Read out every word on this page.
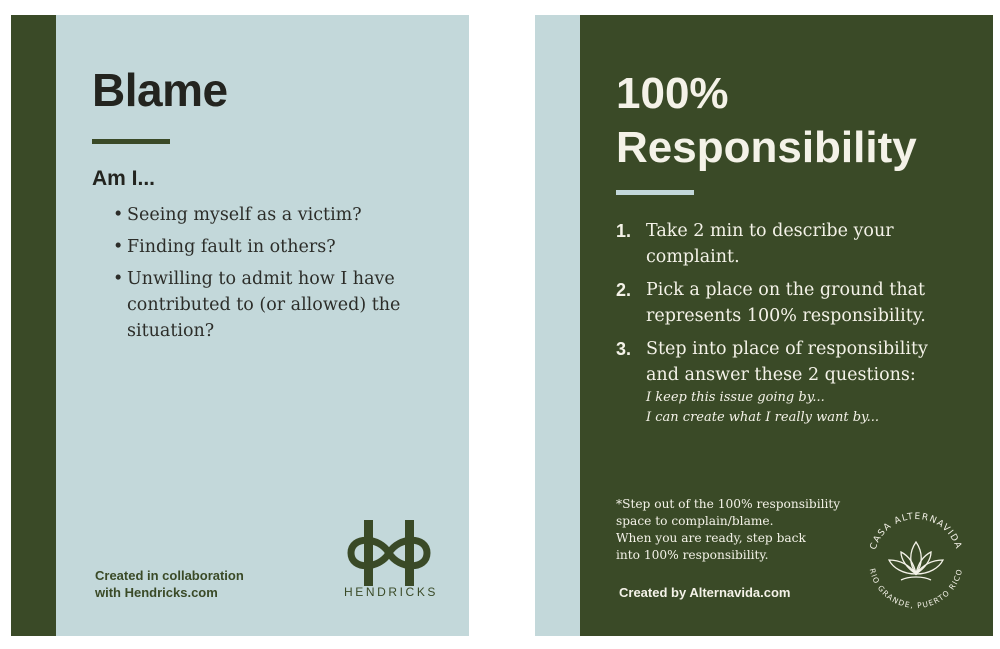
Blame
Am I...
• Seeing myself as a victim?
• Finding fault in others?
• Unwilling to admit how I have contributed to (or allowed) the situation?
Created in collaboration
with Hendricks.com	HENDRICKS
100%
Responsibility
1. Take 2 min to describe your complaint.
2. Pick a place on the ground that represents 100% responsibility.
3. Step into place of responsibility and answer these 2 questions:
I keep this issue going by...
I can create what I really want by...
*Step out of the 100% responsibility
space to complain/blame.
When you are ready, step back
into 100% responsibility.
Created by Alternavida.com
CASA ALTERNAVIDA
RIO GRANDE, PUERTO RICO
